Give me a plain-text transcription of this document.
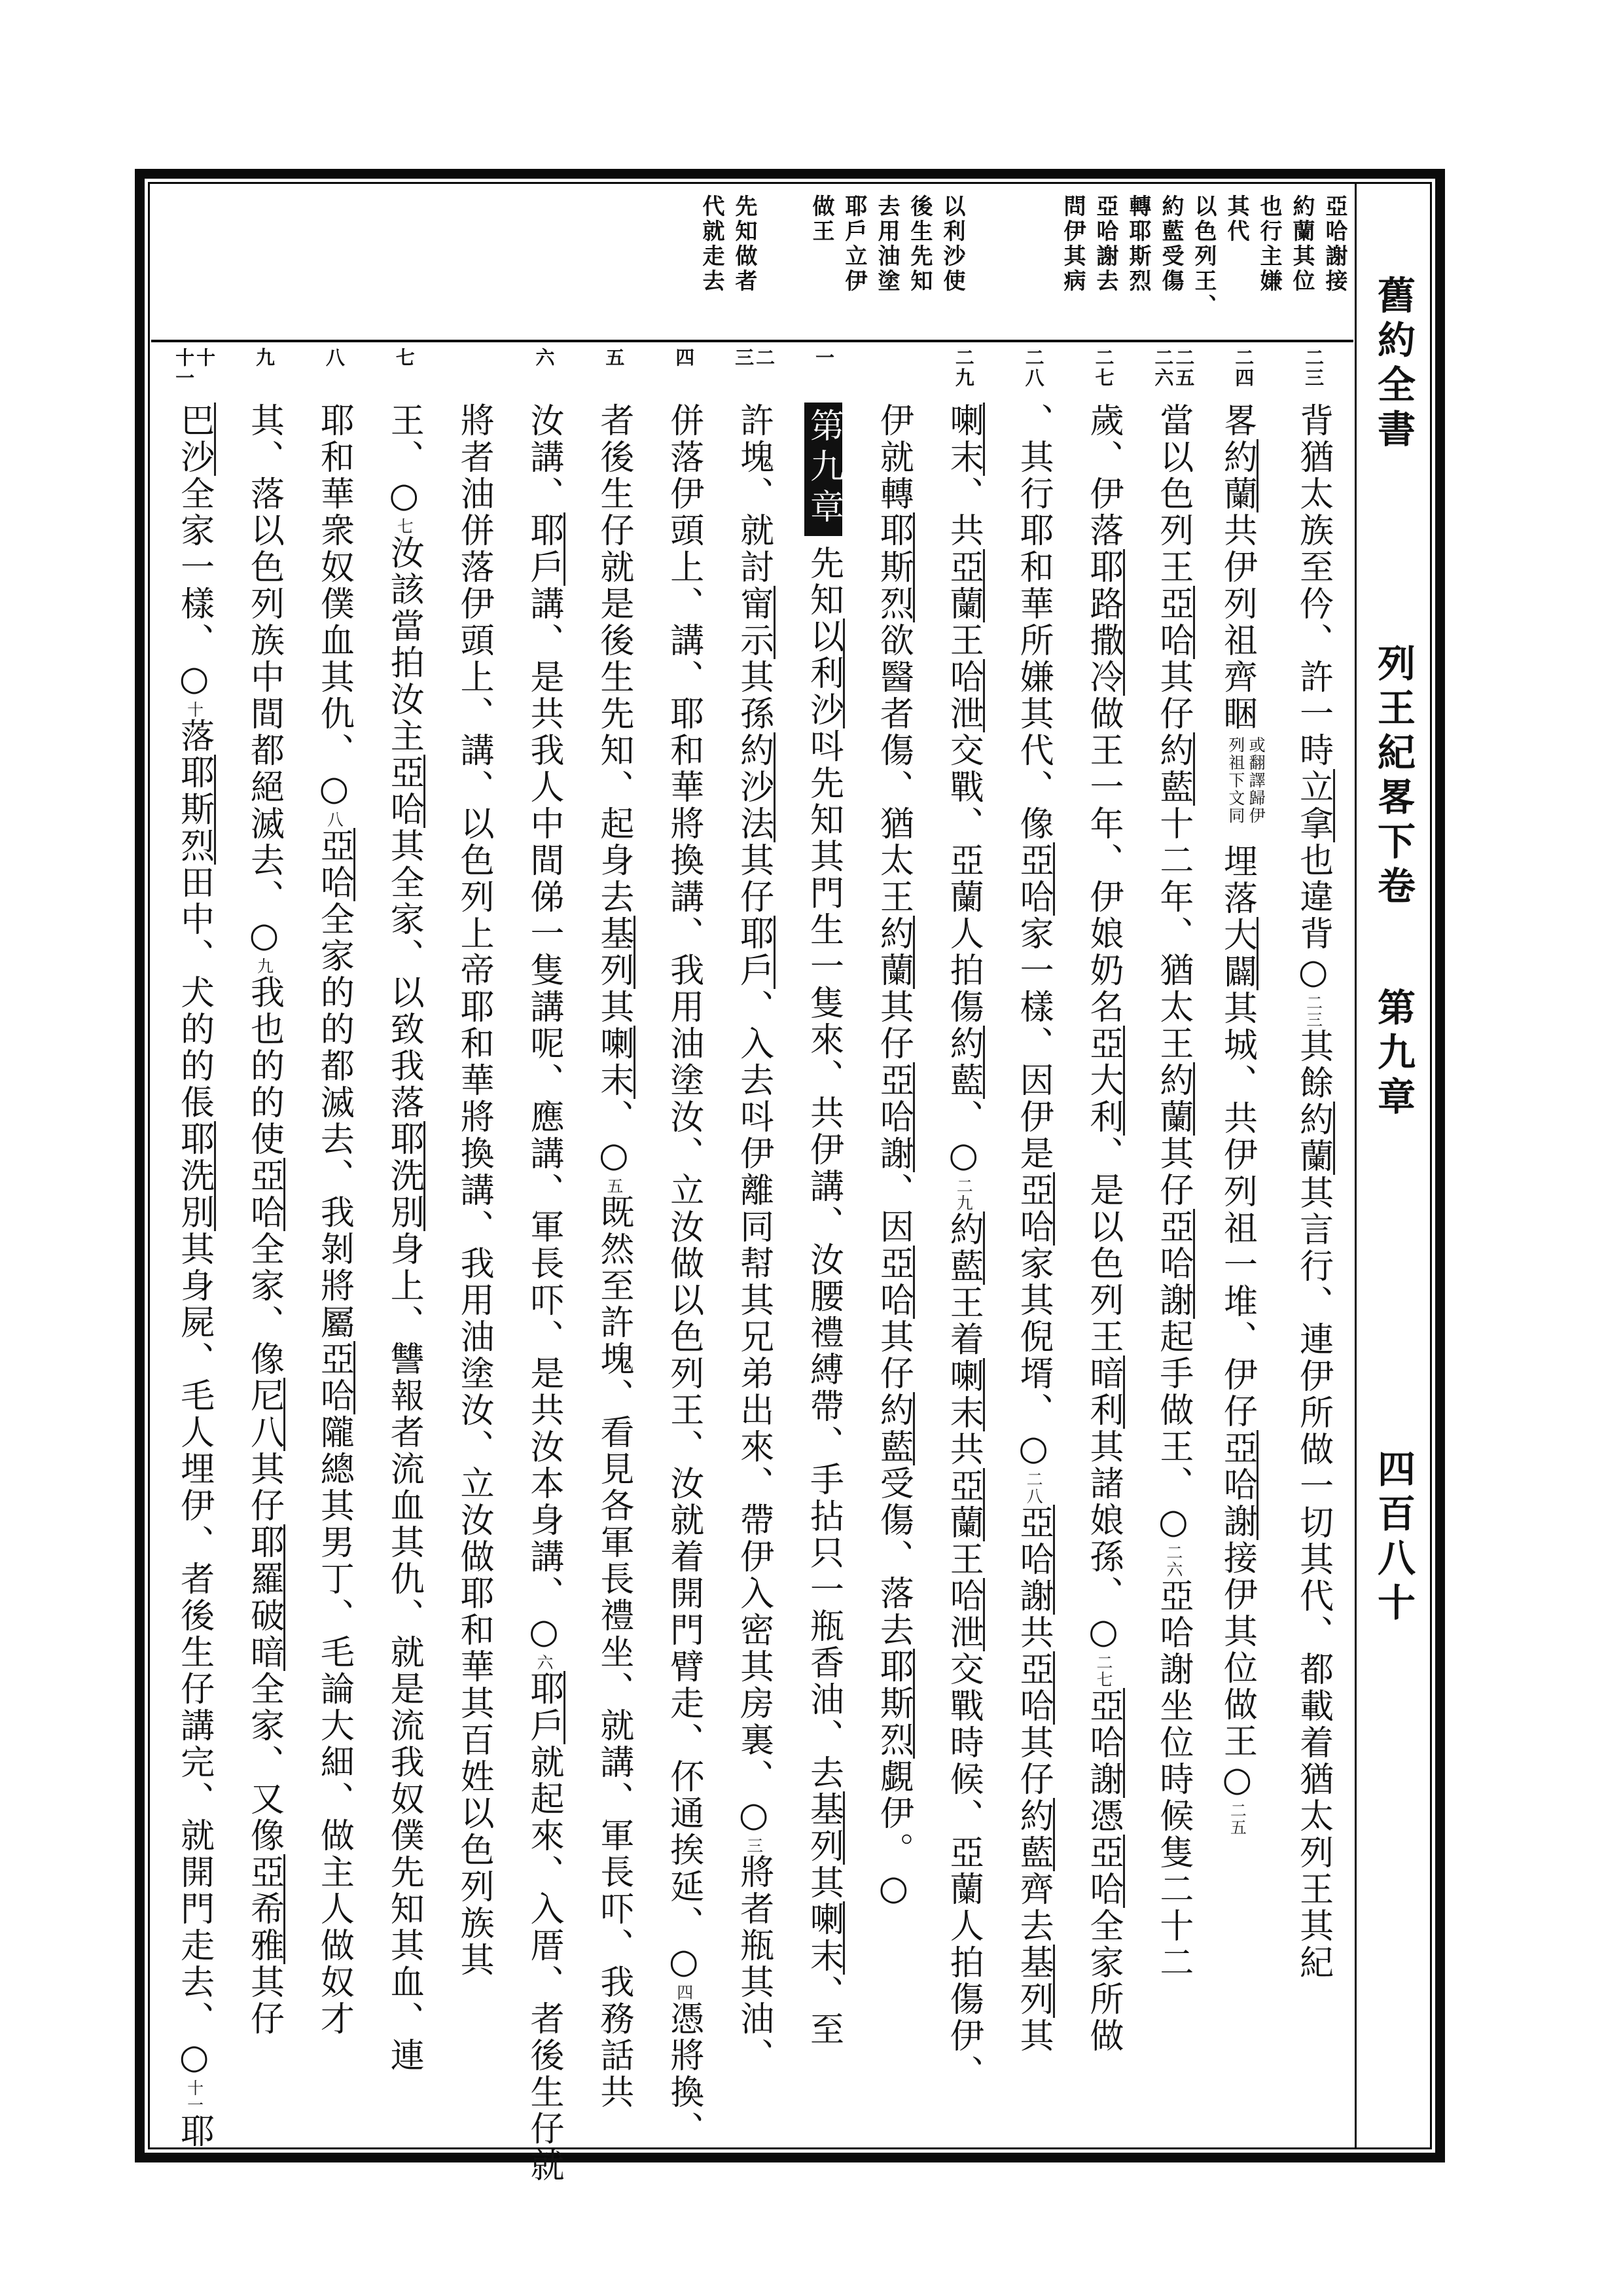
亞哈謝接
約蘭其位
也行主嫌
其代
以色列王、
約藍受傷
轉耶斯烈
亞哈謝去
問伊其病
以利沙使
後生先知
去用油塗
耶戶立伊
做王
先知做者
代就走去
二三
二四
二五
二六
二七
二八
二九
一
二
三
四
五
六
七
八
九
十
十一
背猶太族至仱、許一時立拿也違背○二三其餘約蘭其言行、連伊所做一切其代、都載着猶太列王其紀
畧約蘭共伊列祖齊睏或翻譯歸伊列祖下文同埋落大闢其城、共伊列祖一堆、伊仔亞哈謝接伊其位做王○二五
當以色列王亞哈其仔約藍十二年、猶太王約蘭其仔亞哈謝起手做王、○二六亞哈謝坐位時候隻二十二
歲、伊落耶路撒冷做王一年、伊娘奶名亞大利、是以色列王暗利其諸娘孫、○二七亞哈謝憑亞哈全家所做
、其行耶和華所嫌其代、像亞哈家一樣、因伊是亞哈家其倪壻、○二八亞哈謝共亞哈其仔約藍齊去基列其
喇末、共亞蘭王哈泄交戰、亞蘭人拍傷約藍、○二九約藍王着喇末共亞蘭王哈泄交戰時候、亞蘭人拍傷伊、
伊就轉耶斯烈欲醫者傷、猶太王約蘭其仔亞哈謝、因亞哈其仔約藍受傷、落去耶斯烈覷伊。○
第九章先知以利沙呌先知其門生一隻來、共伊講、汝腰禮縛帶、手拈只一瓶香油、去基列其喇末、至
許塊、就討甯示其孫約沙法其仔耶戶、入去呌伊離同幇其兄弟出來、帶伊入密其房裏、○三將者瓶其油、
併落伊頭上、講、耶和華將換講、我用油塗汝、立汝做以色列王、汝就着開門臂走、伓通挨延、○四憑將換、
者後生仔就是後生先知、起身去基列其喇末、○五既然至許塊、看見各軍長禮坐、就講、軍長吓、我務話共
汝講、耶戶講、是共我人中間俤一隻講呢、應講、軍長吓、是共汝本身講、○六耶戶就起來、入厝、者後生仔就
將者油併落伊頭上、講、以色列上帝耶和華將換講、我用油塗汝、立汝做耶和華其百姓以色列族其
王、○七汝該當拍汝主亞哈其全家、以致我落耶洗別身上、讐報者流血其仇、就是流我奴僕先知其血、連
耶和華衆奴僕血其仇、○八亞哈全家的的都滅去、我剝將屬亞哈隴總其男丁、毛論大細、做主人做奴才
其、落以色列族中間都絕滅去、○九我也的的使亞哈全家、像尼八其仔耶羅破暗全家、又像亞希雅其仔
巴沙全家一樣、○十落耶斯烈田中、犬的的倀耶洗別其身屍、毛人埋伊、者後生仔講完、就開門走去、○十一耶
舊約全書 列王紀畧下卷 第九章 四百八十
